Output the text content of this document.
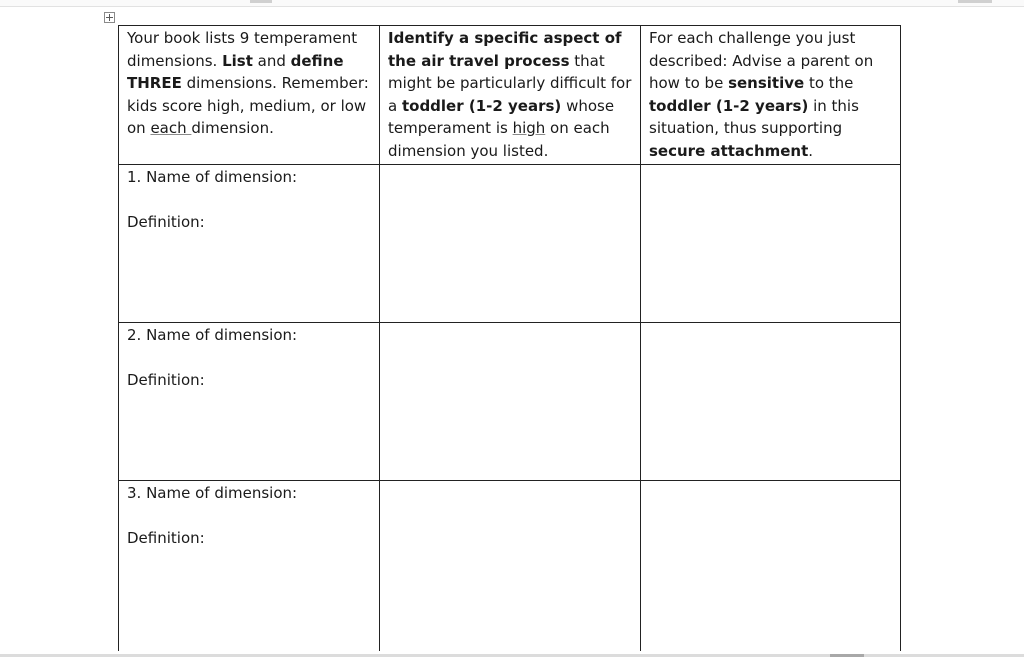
Your book lists 9 temperament dimensions. List and define THREE dimensions. Remember: kids score high, medium, or low on each dimension.	Identify a specific aspect of the air travel process that might be particularly difficult for a toddler (1-2 years) whose temperament is high on each dimension you listed.	For each challenge you just described: Advise a parent on how to be sensitive to the toddler (1-2 years) in this situation, thus supporting secure attachment.

1. Name of dimension:
Definition:		

2. Name of dimension:
Definition:		

3. Name of dimension:
Definition:		
